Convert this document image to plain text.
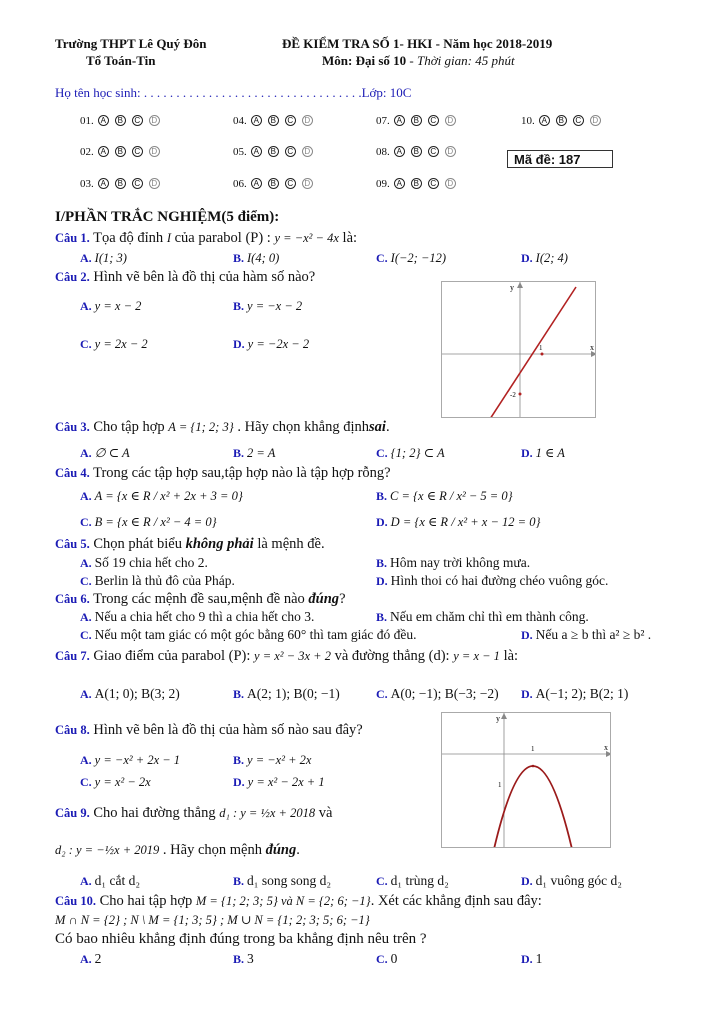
Trường THPT Lê Quý Đôn
Tổ Toán-Tin
ĐỀ KIỂM TRA SỐ 1- HKI - Năm học 2018-2019
Môn: Đại số 10 - Thời gian: 45 phút
Họ tên học sinh: . . . . . . . . . . . . . . . . . . . . . . . . . . . . . . . . . .Lớp: 10C
01. A B C D
02. A B C D
03. A B C D
04. A B C D
05. A B C D
06. A B C D
07. A B C D
08. A B C D
09. A B C D
10. A B C D
Mã đề: 187
I/PHẦN TRẮC NGHIỆM(5 điểm):
Câu 1. Tọa độ đỉnh I của parabol (P) : y = −x² − 4x là:
A. I(1; 3)	B. I(4; 0)	C. I(−2; −12)	D. I(2; 4)
Câu 2. Hình vẽ bên là đồ thị của hàm số nào?
A. y = x − 2	B. y = −x − 2
C. y = 2x − 2	D. y = −2x − 2	x
y
1
-2
Câu 3. Cho tập hợp A = {1; 2; 3} . Hãy chọn khẳng địnhsai.
A. ∅ ⊂ A	B. 2 = A	C. {1; 2} ⊂ A	D. 1 ∈ A
Câu 4. Trong các tập hợp sau,tập hợp nào là tập hợp rỗng?
A. A = {x ∈ R / x² + 2x + 3 = 0}	B. C = {x ∈ R / x² − 5 = 0}
C. B = {x ∈ R / x² − 4 = 0}	D. D = {x ∈ R / x² + x − 12 = 0}
Câu 5. Chọn phát biểu không phải là mệnh đề.
A. Số 19 chia hết cho 2.	B. Hôm nay trời không mưa.
C. Berlin là thủ đô của Pháp.	D. Hình thoi có hai đường chéo vuông góc.
Câu 6. Trong các mệnh đề sau,mệnh đề nào đúng?
A. Nếu a chia hết cho 9 thì a chia hết cho 3.	B. Nếu em chăm chỉ thì em thành công.
C. Nếu một tam giác có một góc bằng 60° thì tam giác đó đều.	D. Nếu a ≥ b thì a² ≥ b² .
Câu 7. Giao điểm của parabol (P): y = x² − 3x + 2 và đường thẳng (d): y = x − 1 là:
A. A(1; 0); B(3; 2)	B. A(2; 1); B(0; −1)	C. A(0; −1); B(−3; −2) D. A(−1; 2); B(2; 1)
Câu 8. Hình vẽ bên là đồ thị của hàm số nào sau đây?
A. y = −x² + 2x − 1	B. y = −x² + 2x
C. y = x² − 2x	D. y = x² − 2x + 1
x
y
1
1
Câu 9. Cho hai đường thẳng d₁ : y = ½x + 2018 và
d₂ : y = −½x + 2019 . Hãy chọn mệnh đúng.
A. d₁ cắt d₂	B. d₁ song song d₂	C. d₁ trùng d₂	D. d₁ vuông góc d₂
Câu 10. Cho hai tập hợp M = {1; 2; 3; 5} và N = {2; 6; −1}. Xét các khẳng định sau đây:
M ∩ N = {2} ; N \ M = {1; 3; 5} ; M ∪ N = {1; 2; 3; 5; 6; −1}
Có bao nhiêu khẳng định đúng trong ba khẳng định nêu trên ?
A. 2	B. 3	C. 0	D. 1
